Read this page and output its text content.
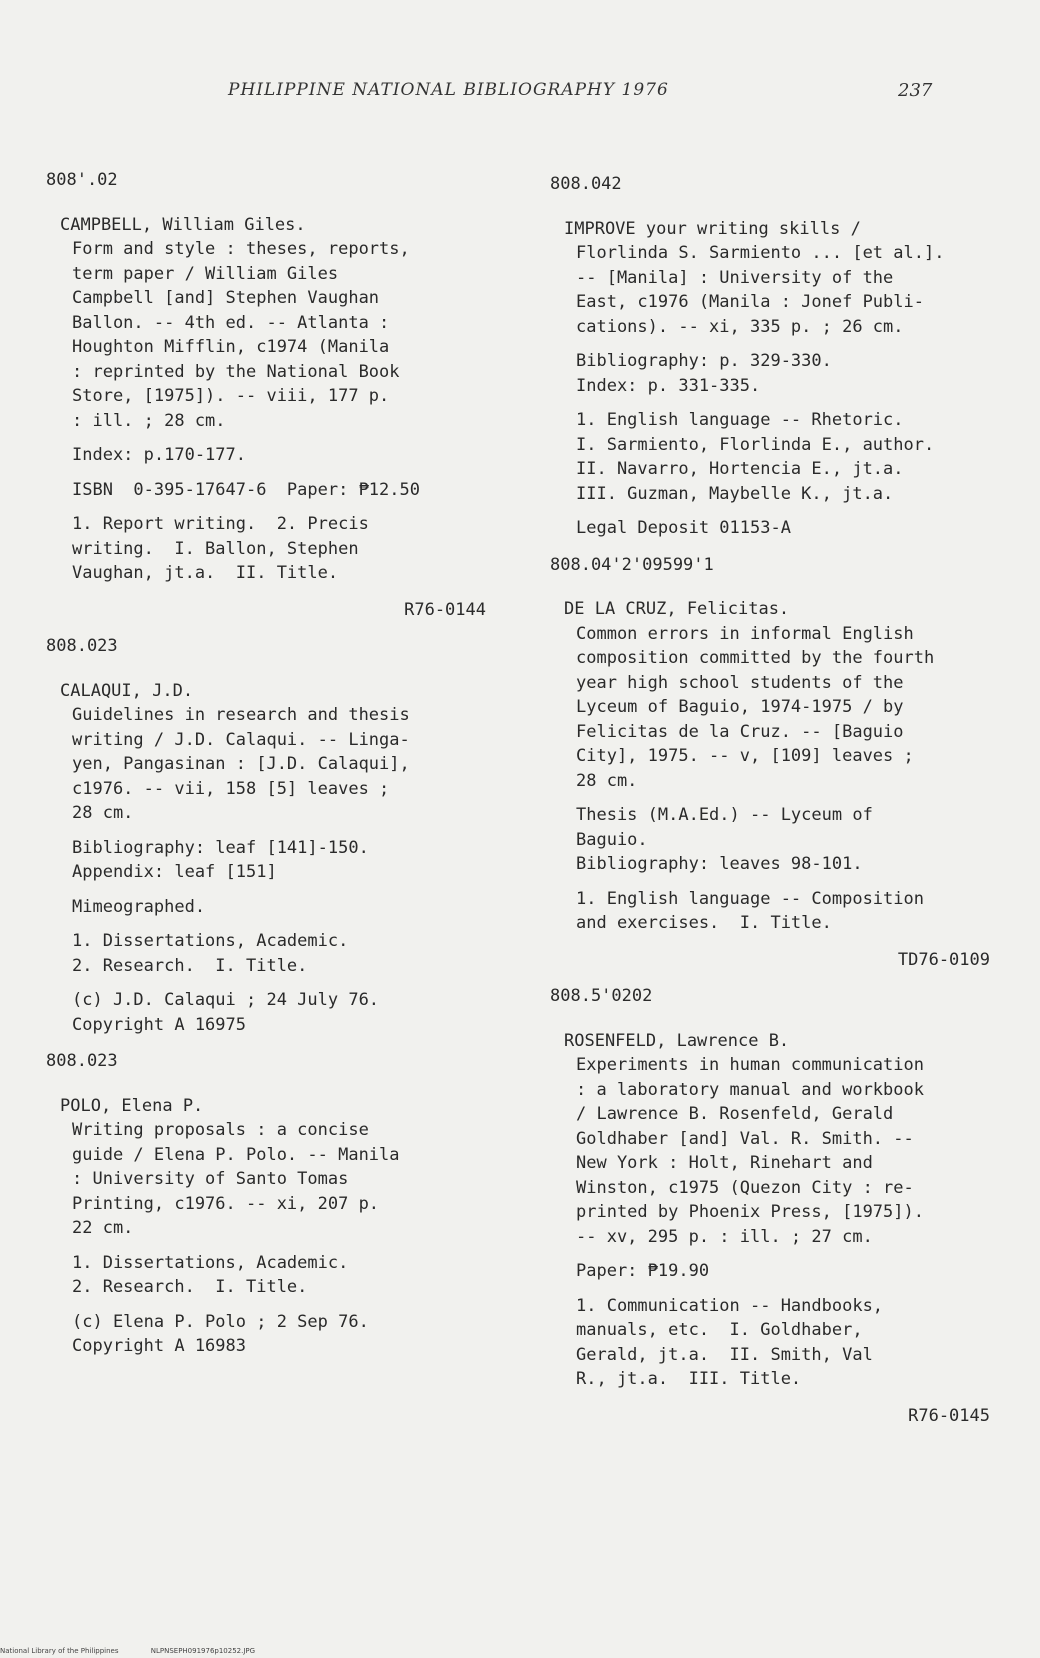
PHILIPPINE NATIONAL BIBLIOGRAPHY 1976	237
808'.02
CAMPBELL, William Giles.
Form and style : theses, reports,
term paper / William Giles
Campbell [and] Stephen Vaughan
Ballon. -- 4th ed. -- Atlanta :
Houghton Mifflin, c1974 (Manila
: reprinted by the National Book
Store, [1975]). -- viii, 177 p.
: ill. ; 28 cm.
Index: p.170-177.
ISBN  0-395-17647-6  Paper: ₱12.50
1. Report writing.  2. Precis
writing.  I. Ballon, Stephen
Vaughan, jt.a.  II. Title.
R76-0144
808.023
CALAQUI, J.D.
Guidelines in research and thesis
writing / J.D. Calaqui. -- Linga-
yen, Pangasinan : [J.D. Calaqui],
c1976. -- vii, 158 [5] leaves ;
28 cm.
Bibliography: leaf [141]-150.
Appendix: leaf [151]
Mimeographed.
1. Dissertations, Academic.
2. Research.  I. Title.
(c) J.D. Calaqui ; 24 July 76.
Copyright A 16975
808.023
POLO, Elena P.
Writing proposals : a concise
guide / Elena P. Polo. -- Manila
: University of Santo Tomas
Printing, c1976. -- xi, 207 p.
22 cm.
1. Dissertations, Academic.
2. Research.  I. Title.
(c) Elena P. Polo ; 2 Sep 76.
Copyright A 16983
808.042
IMPROVE your writing skills /
Florlinda S. Sarmiento ... [et al.].
-- [Manila] : University of the
East, c1976 (Manila : Jonef Publi-
cations). -- xi, 335 p. ; 26 cm.
Bibliography: p. 329-330.
Index: p. 331-335.
1. English language -- Rhetoric.
I. Sarmiento, Florlinda E., author.
II. Navarro, Hortencia E., jt.a.
III. Guzman, Maybelle K., jt.a.
Legal Deposit 01153-A
808.04'2'09599'1
DE LA CRUZ, Felicitas.
Common errors in informal English
composition committed by the fourth
year high school students of the
Lyceum of Baguio, 1974-1975 / by
Felicitas de la Cruz. -- [Baguio
City], 1975. -- v, [109] leaves ;
28 cm.
Thesis (M.A.Ed.) -- Lyceum of
Baguio.
Bibliography: leaves 98-101.
1. English language -- Composition
and exercises.  I. Title.
TD76-0109
808.5'0202
ROSENFELD, Lawrence B.
Experiments in human communication
: a laboratory manual and workbook
/ Lawrence B. Rosenfeld, Gerald
Goldhaber [and] Val. R. Smith. --
New York : Holt, Rinehart and
Winston, c1975 (Quezon City : re-
printed by Phoenix Press, [1975]).
-- xv, 295 p. : ill. ; 27 cm.
Paper: ₱19.90
1. Communication -- Handbooks,
manuals, etc.  I. Goldhaber,
Gerald, jt.a.  II. Smith, Val
R., jt.a.  III. Title.
R76-0145
National Library of the Philippines	NLPNSEPH091976p10252.JPG
